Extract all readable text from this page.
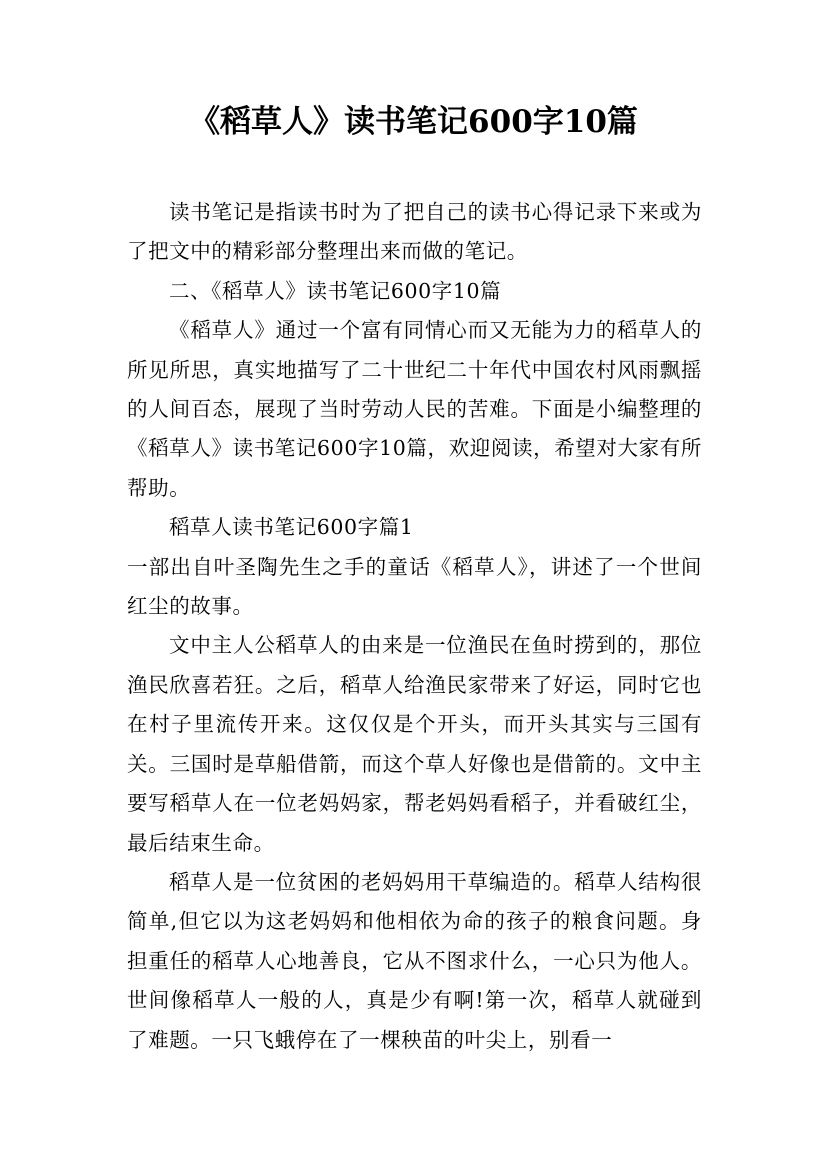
《稻草人》读书笔记600字10篇

读书笔记是指读书时为了把自己的读书心得记录下来或为了把文中的精彩部分整理出来而做的笔记。

二、《稻草人》读书笔记600字10篇

《稻草人》通过一个富有同情心而又无能为力的稻草人的所见所思，真实地描写了二十世纪二十年代中国农村风雨飘摇的人间百态，展现了当时劳动人民的苦难。下面是小编整理的《稻草人》读书笔记600字10篇，欢迎阅读，希望对大家有所帮助。

稻草人读书笔记600字篇1

一部出自叶圣陶先生之手的童话《稻草人》，讲述了一个世间红尘的故事。

文中主人公稻草人的由来是一位渔民在鱼时捞到的，那位渔民欣喜若狂。之后，稻草人给渔民家带来了好运，同时它也在村子里流传开来。这仅仅是个开头，而开头其实与三国有关。三国时是草船借箭，而这个草人好像也是借箭的。文中主要写稻草人在一位老妈妈家，帮老妈妈看稻子，并看破红尘，最后结束生命。

稻草人是一位贫困的老妈妈用干草编造的。稻草人结构很简单,但它以为这老妈妈和他相依为命的孩子的粮食问题。身担重任的稻草人心地善良，它从不图求什么，一心只为他人。世间像稻草人一般的人，真是少有啊!第一次，稻草人就碰到了难题。一只飞蛾停在了一棵秧苗的叶尖上，别看一
